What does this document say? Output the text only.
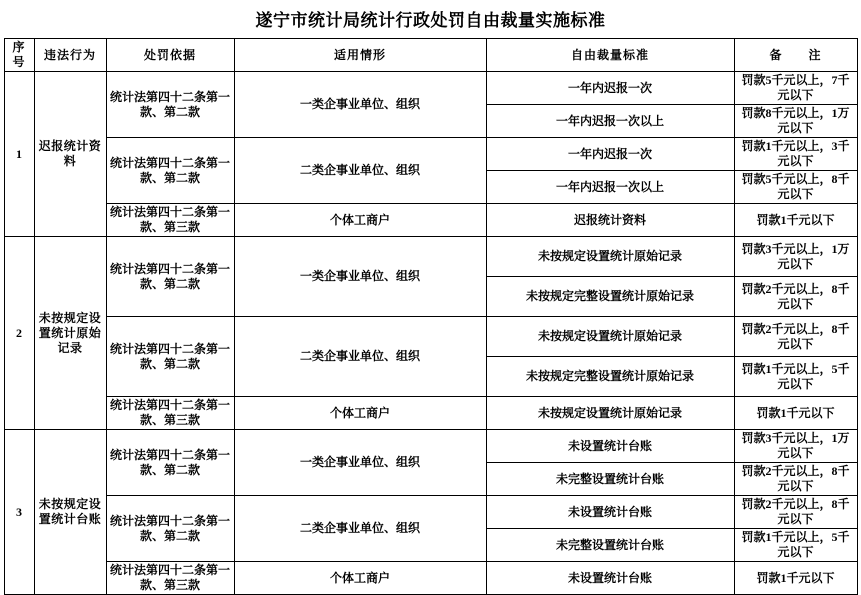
遂宁市统计局统计行政处罚自由裁量实施标准
序号	违法行为	处罚依据	适用情形	自由裁量标准	备　　注	
1	迟报统计资料	统计法第四十二条第一款、第二款	一类企事业单位、组织	一年内迟报一次	罚款5千元以上，7千元以下	
				一年内迟报一次以上	罚款8千元以上，1万元以下	
		统计法第四十二条第一款、第二款	二类企事业单位、组织	一年内迟报一次	罚款1千元以上，3千元以下	
				一年内迟报一次以上	罚款5千元以上，8千元以下	
		统计法第四十二条第一款、第三款	个体工商户	迟报统计资料	罚款1千元以下	
2	未按规定设置统计原始记录	统计法第四十二条第一款、第二款	一类企事业单位、组织	未按规定设置统计原始记录	罚款3千元以上，1万元以下	
				未按规定完整设置统计原始记录	罚款2千元以上，8千元以下	
		统计法第四十二条第一款、第二款	二类企事业单位、组织	未按规定设置统计原始记录	罚款2千元以上，8千元以下	
				未按规定完整设置统计原始记录	罚款1千元以上，5千元以下	
		统计法第四十二条第一款、第三款	个体工商户	未按规定设置统计原始记录	罚款1千元以下	
3	未按规定设置统计台账	统计法第四十二条第一款、第二款	一类企事业单位、组织	未设置统计台账	罚款3千元以上，1万元以下	
				未完整设置统计台账	罚款2千元以上，8千元以下	
		统计法第四十二条第一款、第二款	二类企事业单位、组织	未设置统计台账	罚款2千元以上，8千元以下	
				未完整设置统计台账	罚款1千元以上，5千元以下	
		统计法第四十二条第一款、第三款	个体工商户	未设置统计台账	罚款1千元以下	
